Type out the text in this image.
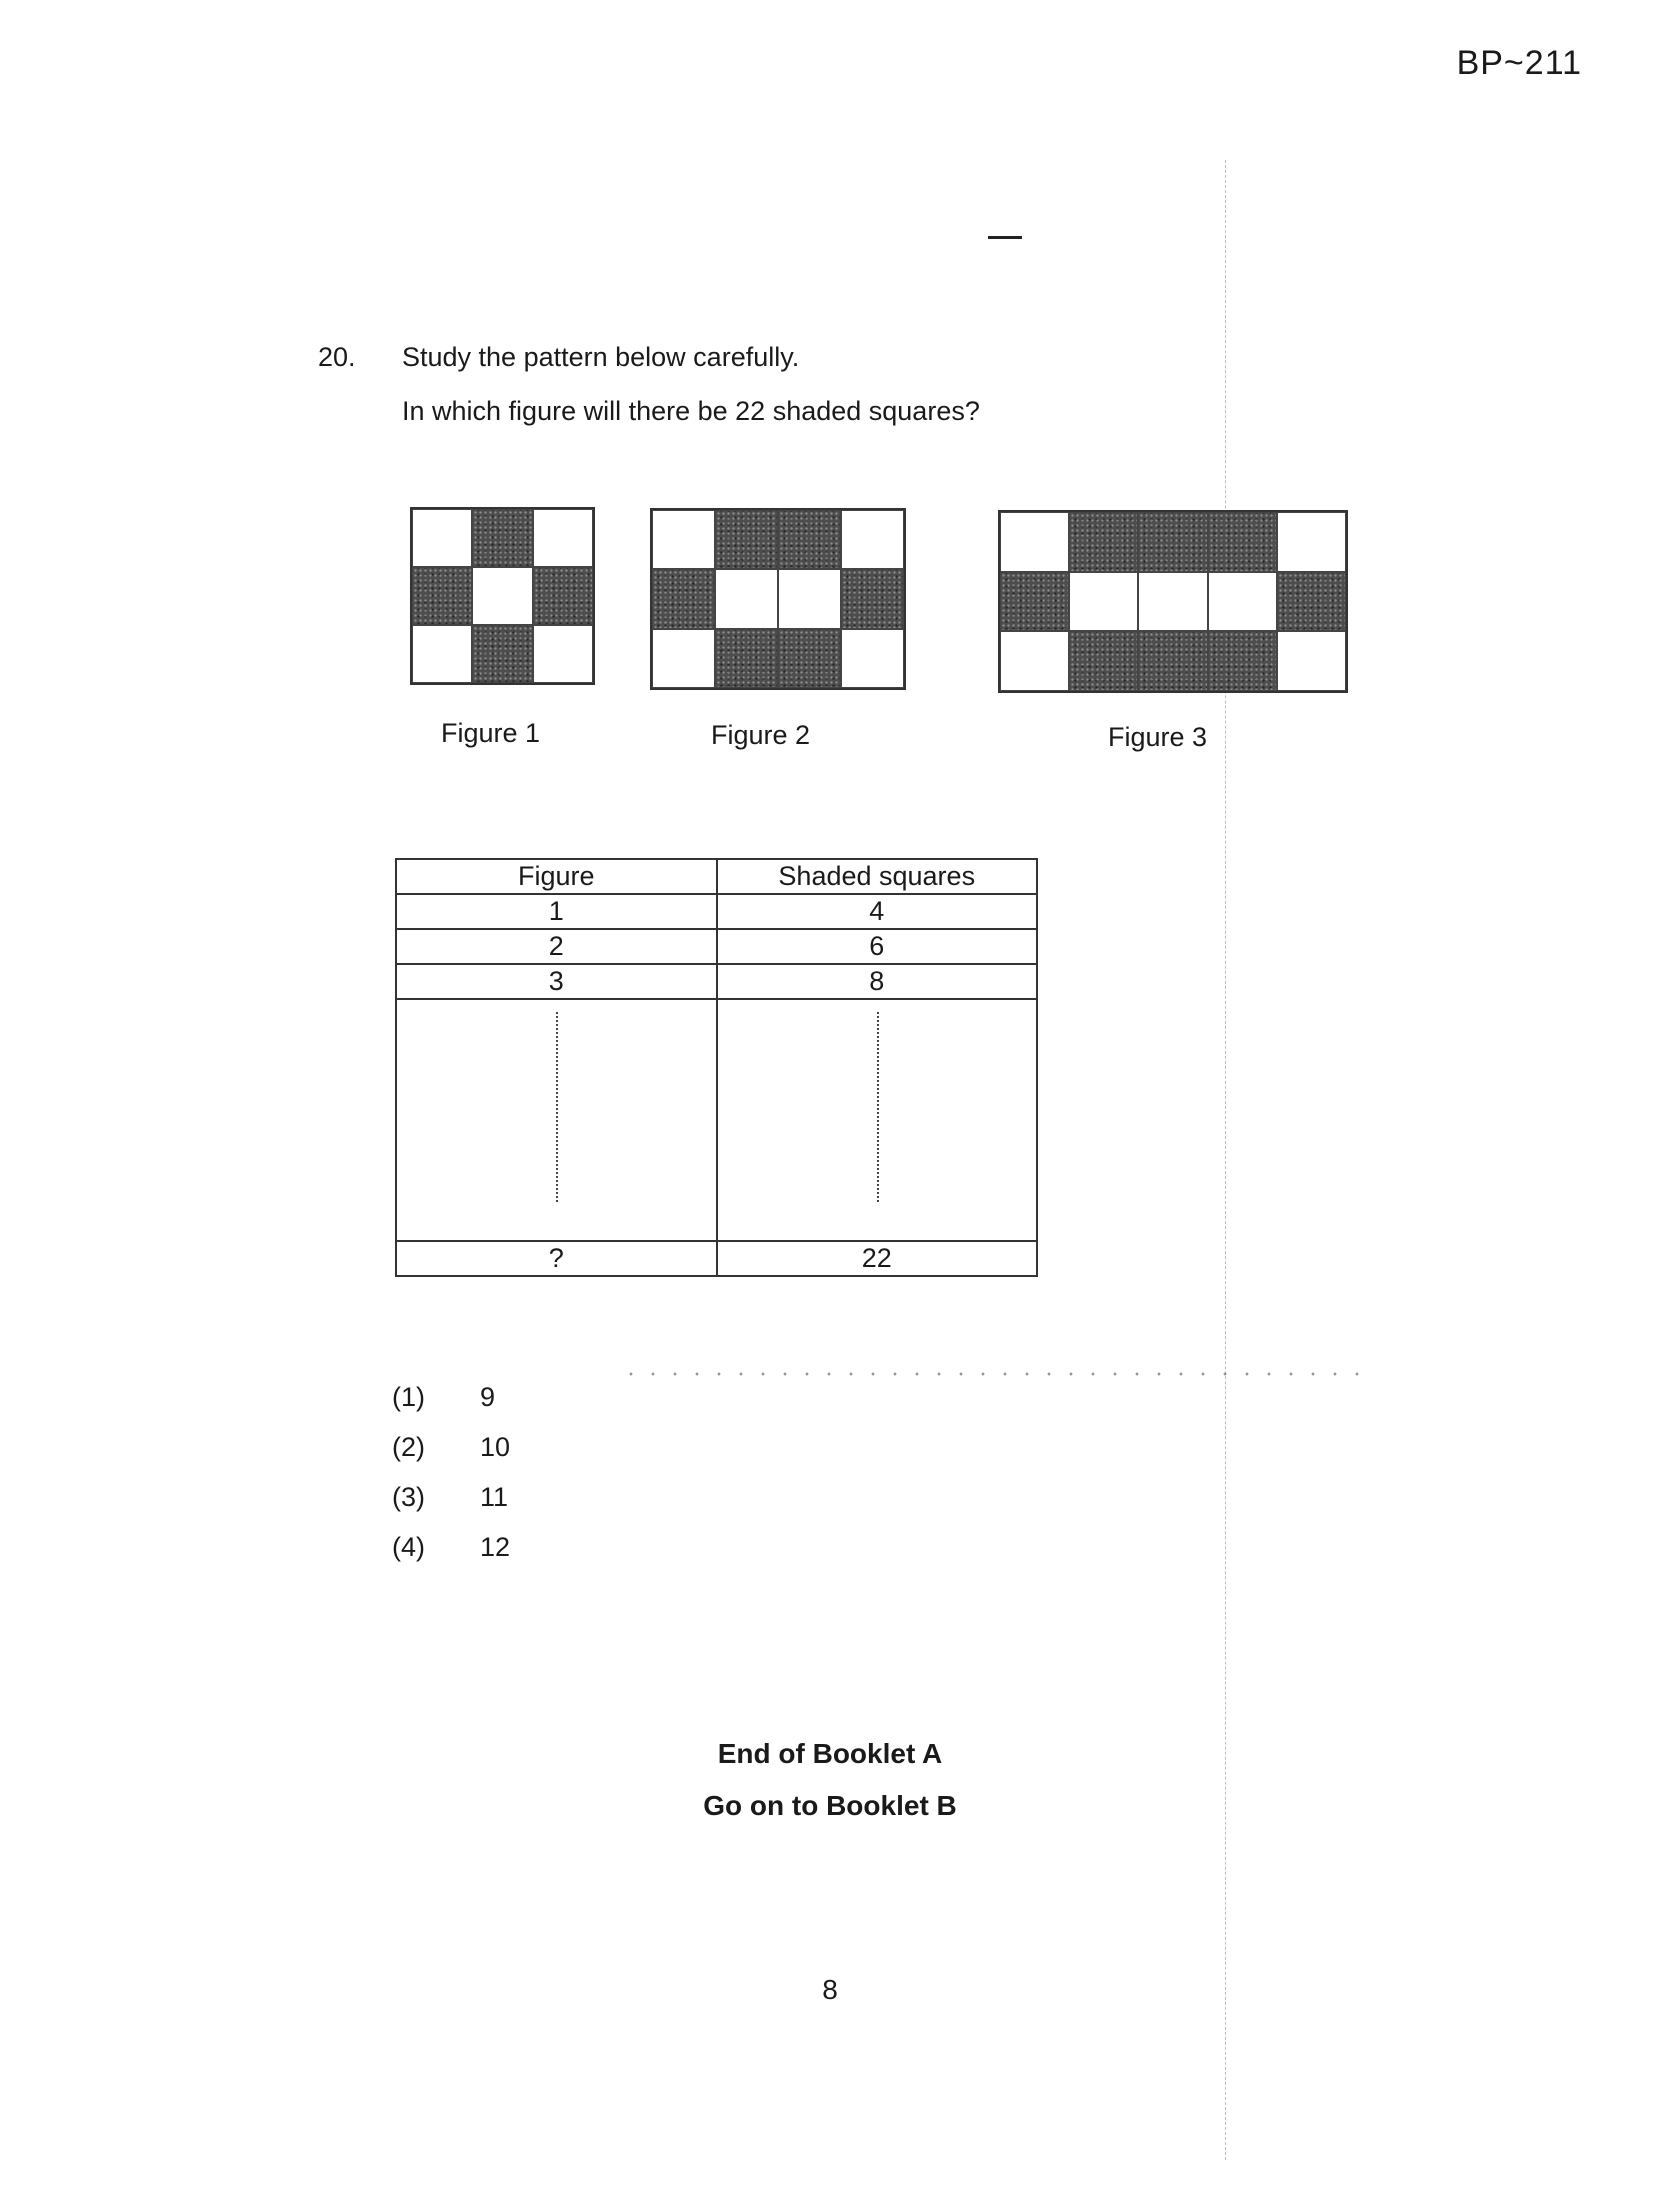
BP~211
20. Study the pattern below carefully.
In which figure will there be 22 shaded squares?
Figure 1	Figure 2	Figure 3
Figure	Shaded squares
1	4
2	6
3	8

?	22
(1) 9
(2) 10
(3) 11
(4) 12
End of Booklet A
Go on to Booklet B
8
